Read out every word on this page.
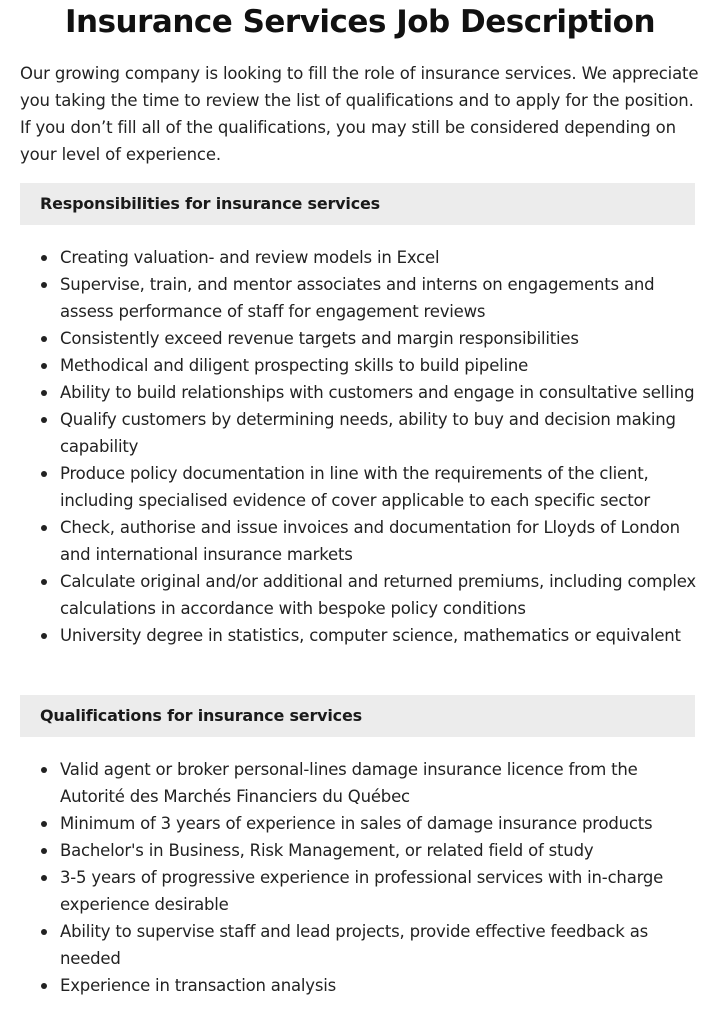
Insurance Services Job Description

Our growing company is looking to fill the role of insurance services. We appreciate you taking the time to review the list of qualifications and to apply for the position. If you don’t fill all of the qualifications, you may still be considered depending on your level of experience.

Responsibilities for insurance services
Creating valuation- and review models in Excel
Supervise, train, and mentor associates and interns on engagements and assess performance of staff for engagement reviews
Consistently exceed revenue targets and margin responsibilities
Methodical and diligent prospecting skills to build pipeline
Ability to build relationships with customers and engage in consultative selling
Qualify customers by determining needs, ability to buy and decision making capability
Produce policy documentation in line with the requirements of the client, including specialised evidence of cover applicable to each specific sector
Check, authorise and issue invoices and documentation for Lloyds of London and international insurance markets
Calculate original and/or additional and returned premiums, including complex calculations in accordance with bespoke policy conditions
University degree in statistics, computer science, mathematics or equivalent
Qualifications for insurance services
Valid agent or broker personal-lines damage insurance licence from the Autorité des Marchés Financiers du Québec
Minimum of 3 years of experience in sales of damage insurance products
Bachelor's in Business, Risk Management, or related field of study
3-5 years of progressive experience in professional services with in-charge experience desirable
Ability to supervise staff and lead projects, provide effective feedback as needed
Experience in transaction analysis
